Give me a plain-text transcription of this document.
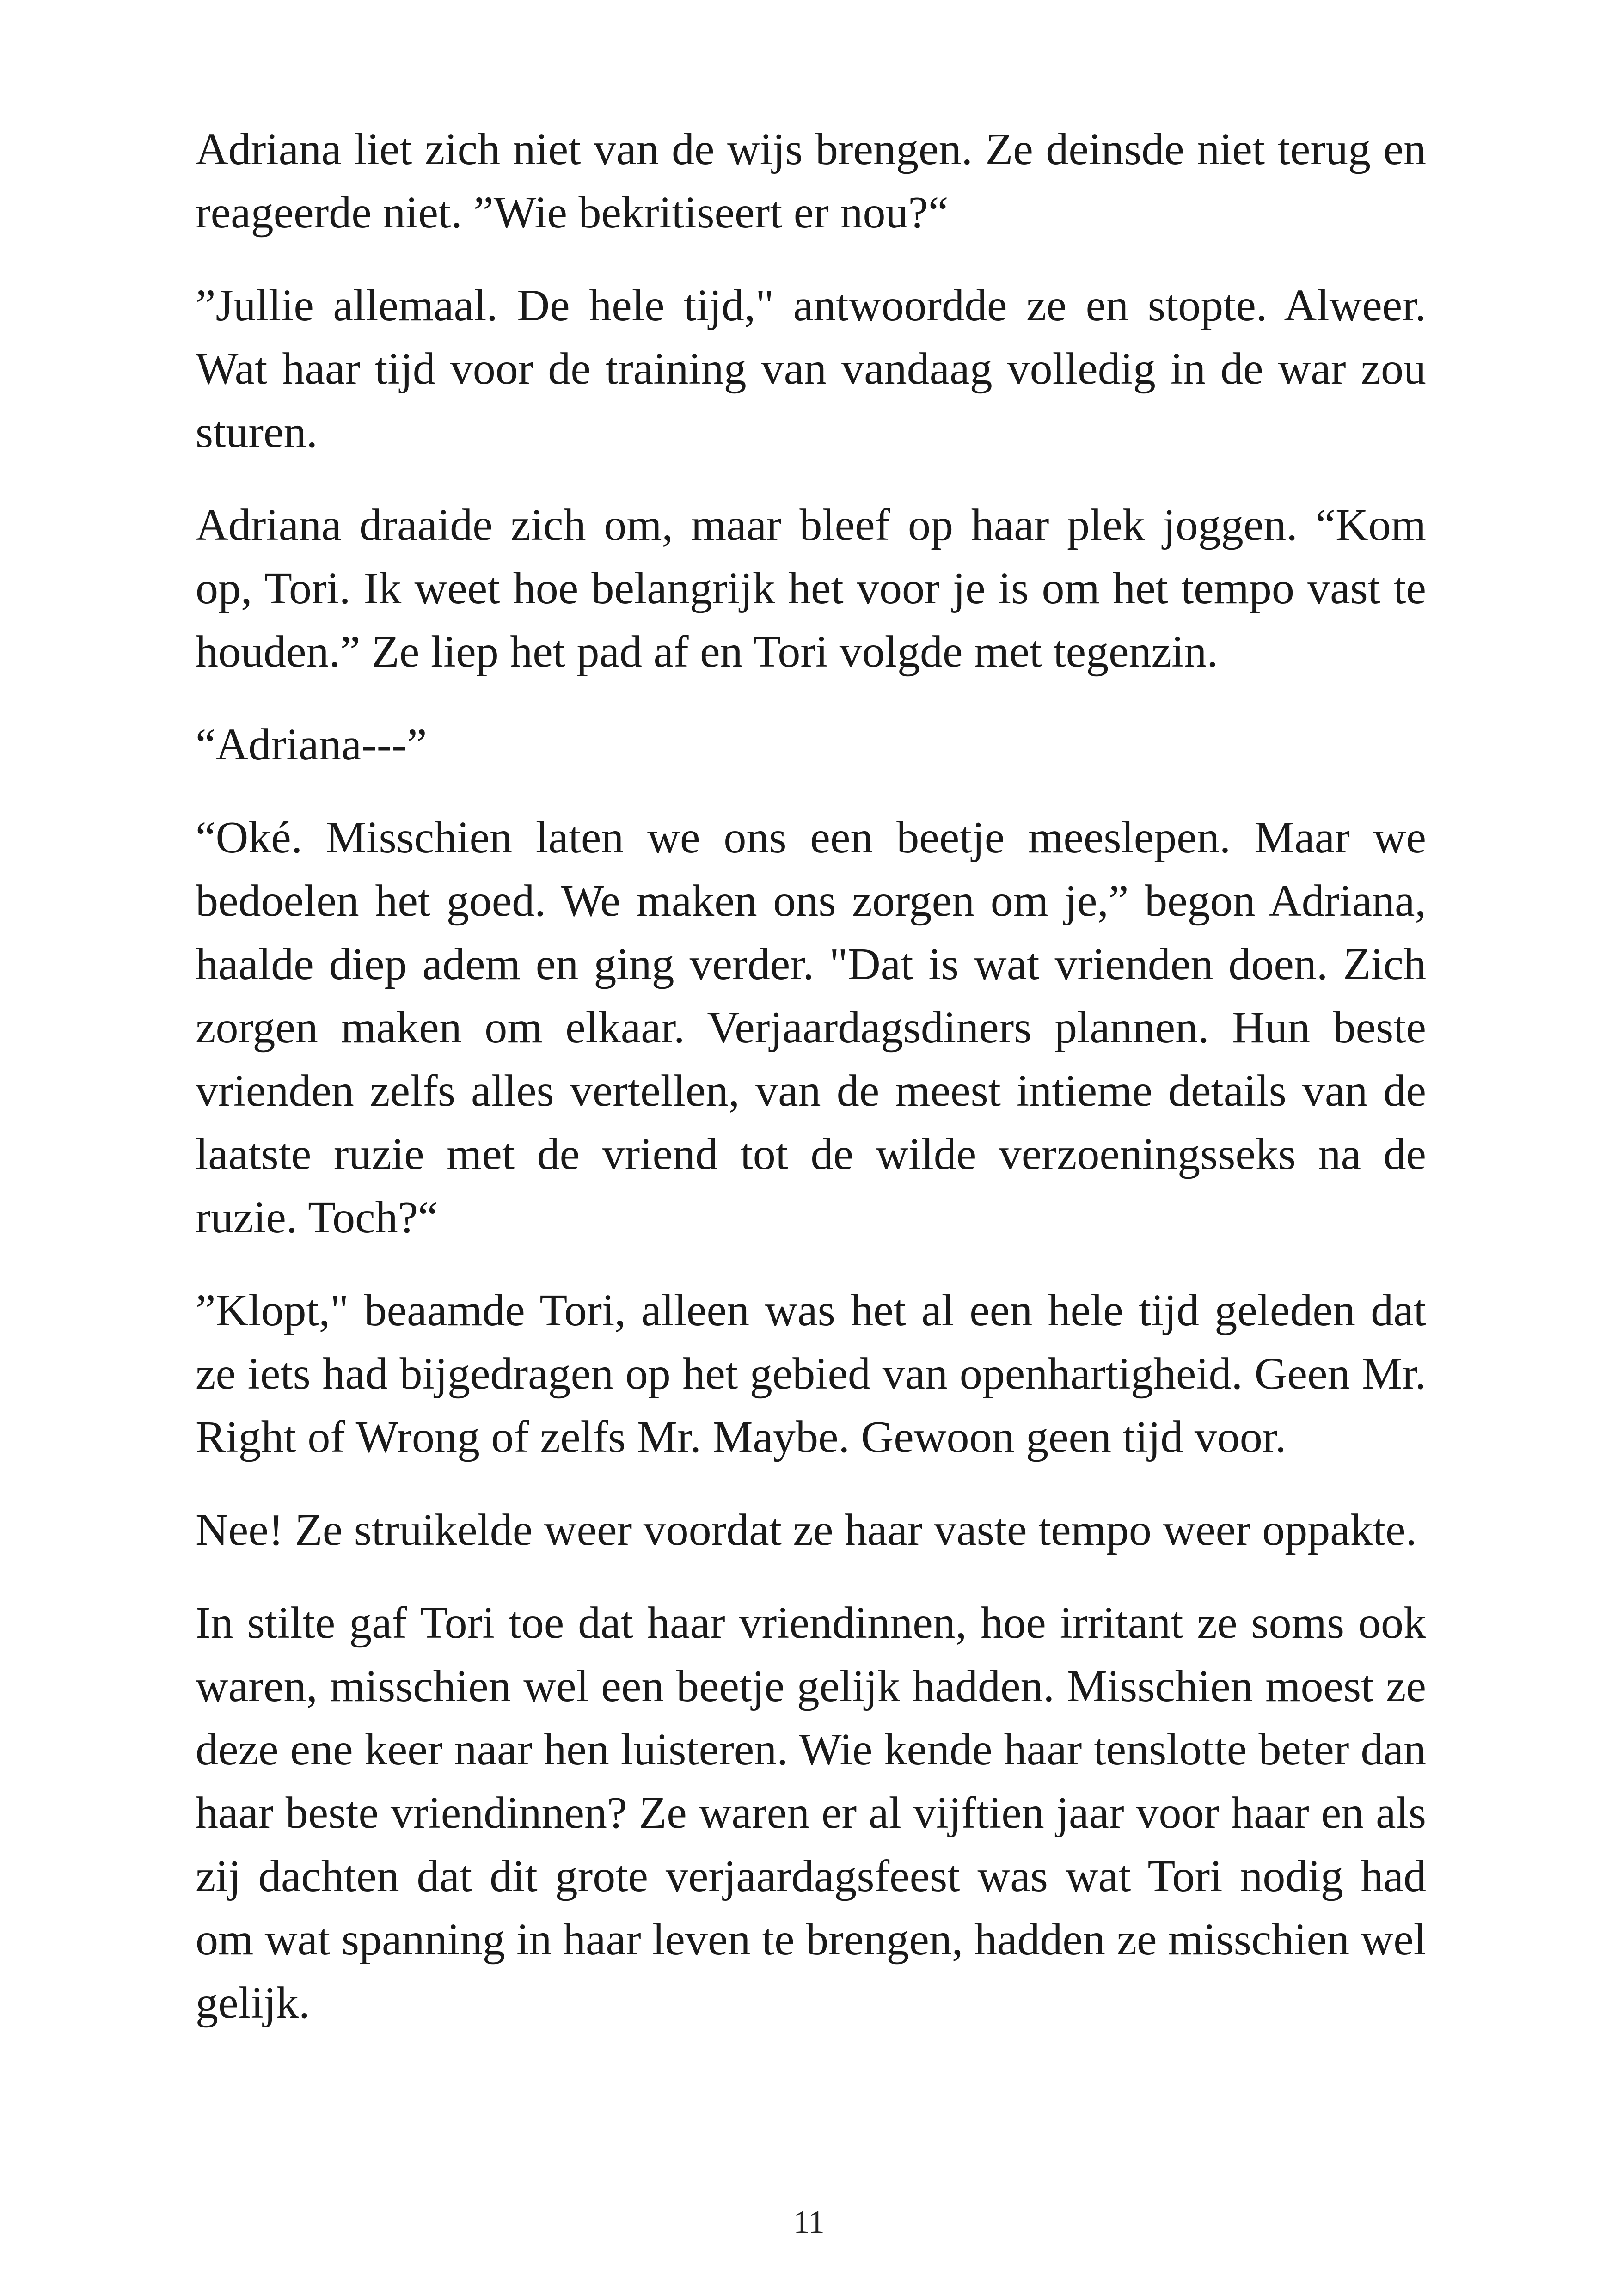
Adriana liet zich niet van de wijs brengen. Ze deinsde niet terug en reageerde niet. ”Wie bekritiseert er nou?“

”Jullie allemaal. De hele tijd," antwoordde ze en stopte. Alweer. Wat haar tijd voor de training van vandaag volledig in de war zou sturen.

Adriana draaide zich om, maar bleef op haar plek joggen. “Kom op, Tori. Ik weet hoe belangrijk het voor je is om het tempo vast te houden.” Ze liep het pad af en Tori volgde met tegenzin.

“Adriana---”

“Oké. Misschien laten we ons een beetje meeslepen. Maar we bedoelen het goed. We maken ons zorgen om je,” begon Adriana, haalde diep adem en ging verder. "Dat is wat vrienden doen. Zich zorgen maken om elkaar. Verjaardagsdiners plannen. Hun beste vrienden zelfs alles vertellen, van de meest intieme details van de laatste ruzie met de vriend tot de wilde verzoeningsseks na de ruzie. Toch?“

”Klopt," beaamde Tori, alleen was het al een hele tijd geleden dat ze iets had bijgedragen op het gebied van openhartigheid. Geen Mr. Right of Wrong of zelfs Mr. Maybe. Gewoon geen tijd voor.

Nee! Ze struikelde weer voordat ze haar vaste tempo weer oppakte.

In stilte gaf Tori toe dat haar vriendinnen, hoe irritant ze soms ook waren, misschien wel een beetje gelijk hadden. Misschien moest ze deze ene keer naar hen luisteren. Wie kende haar tenslotte beter dan haar beste vriendinnen? Ze waren er al vijftien jaar voor haar en als zij dachten dat dit grote verjaardagsfeest was wat Tori nodig had om wat spanning in haar leven te brengen, hadden ze misschien wel gelijk.

11
